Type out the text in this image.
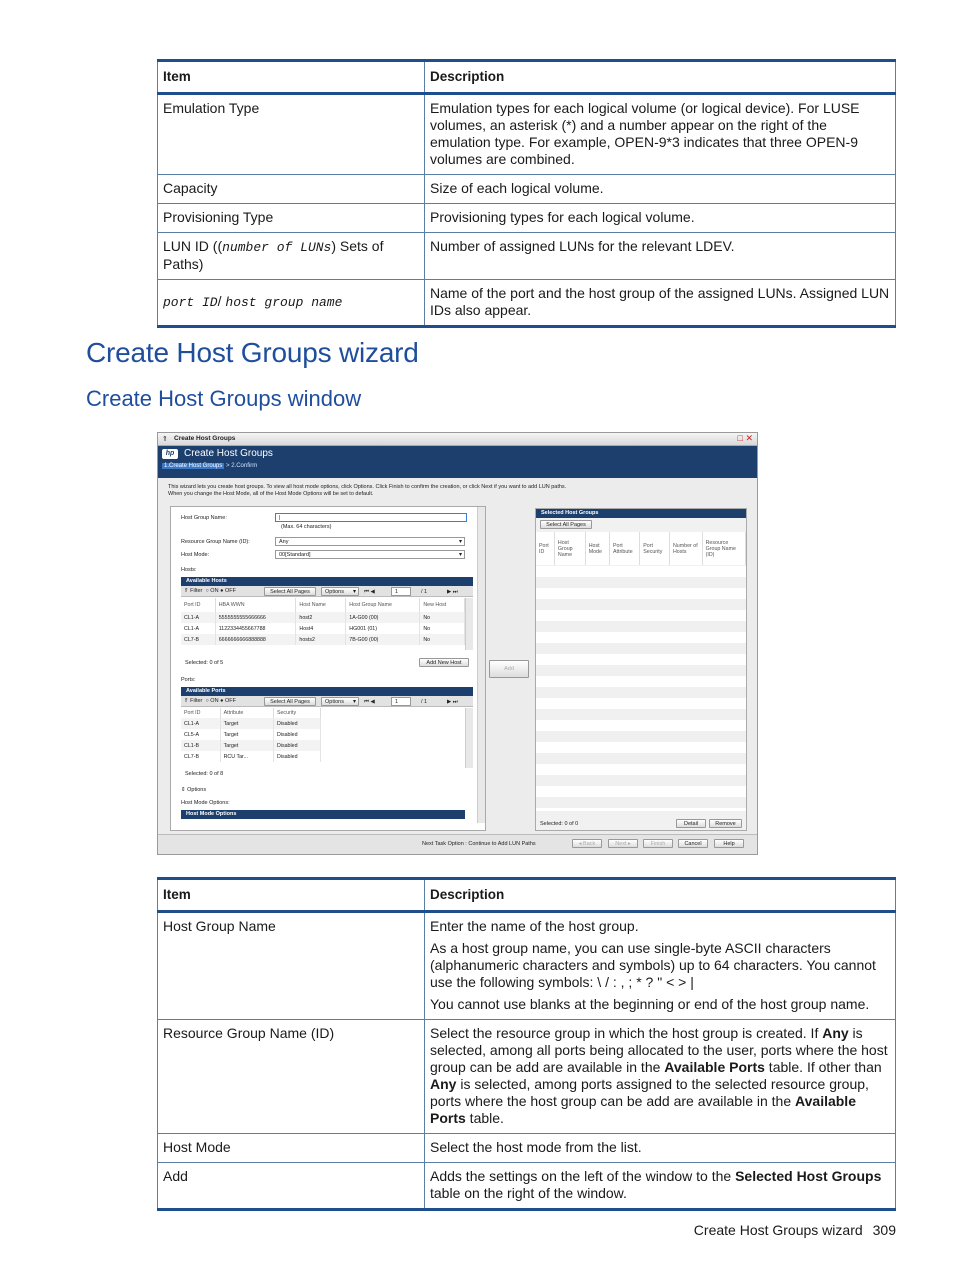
Item	Description
Emulation Type	Emulation types for each logical volume (or logical device). For LUSE volumes, an asterisk (*) and a number appear on the right of the emulation type. For example, OPEN-9*3 indicates that three OPEN-9 volumes are combined.
Capacity	Size of each logical volume.
Provisioning Type	Provisioning types for each logical volume.
LUN ID ((number of LUNs) Sets of Paths)	Number of assigned LUNs for the relevant LDEV.
port ID/ host group name	Name of the port and the host group of the assigned LUNs. Assigned LUN IDs also appear.
Create Host Groups wizard
Create Host Groups window
⇑ Create Host Groups	□ ✕
hp Create Host Groups
1.Create Host Groups > 2.Confirm
This wizard lets you create host groups. To view all host mode options, click Options. Click Finish to confirm the creation, or click Next if you want to add LUN paths.
When you change the Host Mode, all of the Host Mode Options will be set to default.
Host Group Name:	|
(Max. 64 characters)
Resource Group Name (ID):	Any ▾
Host Mode:	00[Standard] ▾
Hosts:
Available Hosts
⇑ Filter ○ ON ● OFF	Select All Pages	Options ▾	⏮ ◀	1	/ 1	▶ ⏭
Port ID	HBA WWN	Host Name	Host Group Name	New Host
CL1-A	5555555555666666	host2	1A-G00 (00)	No
CL1-A	1122334455667788	Host4	HG001 (01)	No
CL7-B	6666666666888888	hosts2	7B-G00 (00)	No
Selected: 0 of 5	Add New Host
Ports:
Available Ports
⇑ Filter ○ ON ● OFF	Select All Pages	Options ▾	⏮ ◀	1	/ 1	▶ ⏭
Port ID	Attribute	Security
CL1-A	Target	Disabled
CL5-A	Target	Disabled
CL1-B	Target	Disabled
CL7-B	RCU Tar...	Disabled
Selected: 0 of 8
⇕ Options
Host Mode Options:
Host Mode Options
Add
Selected Host Groups
Select All Pages
Port ID	Host Group Name	Host Mode	Port Attribute	Port Security	Number of Hosts	Resource Group Name (ID)
Selected: 0 of 0	Detail	Remove
Next Task Option : Continue to Add LUN Paths	◂ Back	Next ▸	Finish	Cancel	Help
Item	Description
Host Group Name	Enter the name of the host group.

As a host group name, you can use single-byte ASCII characters (alphanumeric characters and symbols) up to 64 characters. You cannot use the following symbols: \ / : , ; * ? " < > |

You cannot use blanks at the beginning or end of the host group name.

Resource Group Name (ID)	Select the resource group in which the host group is created. If Any is selected, among all ports being allocated to the user, ports where the host group can be add are available in the Available Ports table. If other than Any is selected, among ports assigned to the selected resource group, ports where the host group can be add are available in the Available Ports table.
Host Mode	Select the host mode from the list.
Add	Adds the settings on the left of the window to the Selected Host Groups table on the right of the window.
Create Host Groups wizard 309
